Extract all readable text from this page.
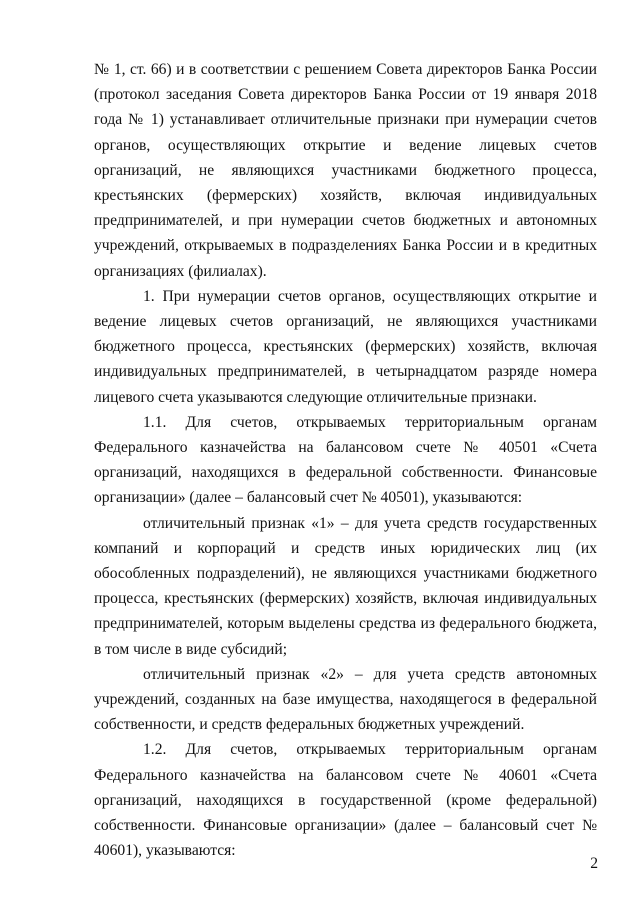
№ 1, ст. 66) и в соответствии с решением Совета директоров Банка России (протокол заседания Совета директоров Банка России от 19 января 2018 года № 1) устанавливает отличительные признаки при нумерации счетов органов, осуществляющих открытие и ведение лицевых счетов организаций, не являющихся участниками бюджетного процесса, крестьянских (фермерских) хозяйств, включая индивидуальных предпринимателей, и при нумерации счетов бюджетных и автономных учреждений, открываемых в подразделениях Банка России и в кредитных организациях (филиалах).

1. При нумерации счетов органов, осуществляющих открытие и ведение лицевых счетов организаций, не являющихся участниками бюджетного процесса, крестьянских (фермерских) хозяйств, включая индивидуальных предпринимателей, в четырнадцатом разряде номера лицевого счета указываются следующие отличительные признаки.

1.1. Для счетов, открываемых территориальным органам Федерального казначейства на балансовом счете № 40501 «Счета организаций, находящихся в федеральной собственности. Финансовые организации» (далее – балансовый счет № 40501), указываются:

отличительный признак «1» – для учета средств государственных компаний и корпораций и средств иных юридических лиц (их обособленных подразделений), не являющихся участниками бюджетного процесса, крестьянских (фермерских) хозяйств, включая индивидуальных предпринимателей, которым выделены средства из федерального бюджета, в том числе в виде субсидий;

отличительный признак «2» – для учета средств автономных учреждений, созданных на базе имущества, находящегося в федеральной собственности, и средств федеральных бюджетных учреждений.

1.2. Для счетов, открываемых территориальным органам Федерального казначейства на балансовом счете № 40601 «Счета организаций, находящихся в государственной (кроме федеральной) собственности. Финансовые организации» (далее – балансовый счет № 40601), указываются:

2
